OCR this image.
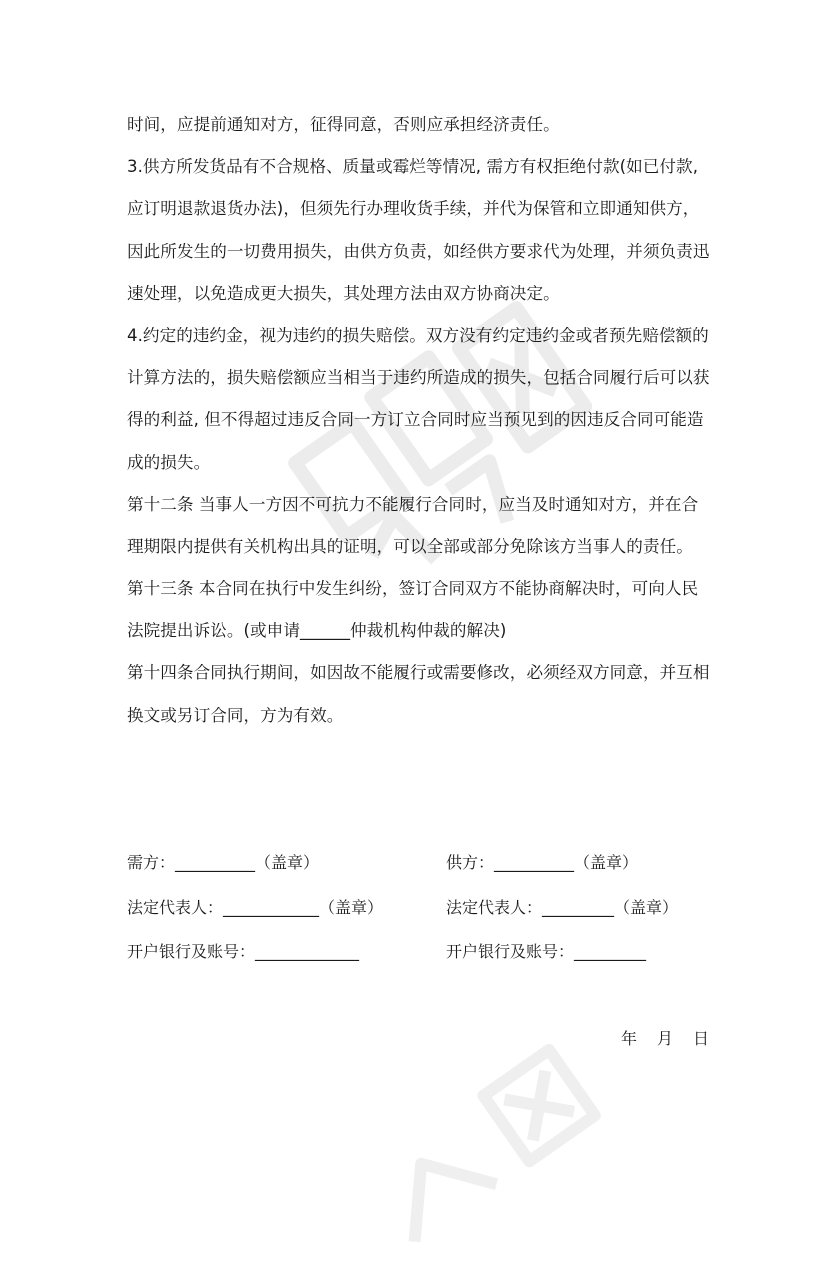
时间，应提前通知对方，征得同意，否则应承担经济责任。
3.供方所发货品有不合规格、质量或霉烂等情况, 需方有权拒绝付款(如已付款,
应订明退款退货办法)，但须先行办理收货手续，并代为保管和立即通知供方，
因此所发生的一切费用损失，由供方负责，如经供方要求代为处理，并须负责迅
速处理，以免造成更大损失，其处理方法由双方协商决定。
4.约定的违约金，视为违约的损失赔偿。双方没有约定违约金或者预先赔偿额的
计算方法的，损失赔偿额应当相当于违约所造成的损失，包括合同履行后可以获
得的利益, 但不得超过违反合同一方订立合同时应当预见到的因违反合同可能造
成的损失。
第十二条 当事人一方因不可抗力不能履行合同时，应当及时通知对方，并在合
理期限内提供有关机构出具的证明，可以全部或部分免除该方当事人的责任。
第十三条 本合同在执行中发生纠纷，签订合同双方不能协商解决时，可向人民
法院提出诉讼。(或申请______仲裁机构仲裁的解决)
第十四条合同执行期间，如因故不能履行或需要修改，必须经双方同意，并互相
换文或另订合同，方为有效。
需方：__________（盖章）	供方：__________（盖章）
法定代表人：____________（盖章）	法定代表人：_________（盖章）
开户银行及账号：_____________	开户银行及账号：_________
年 月 日
